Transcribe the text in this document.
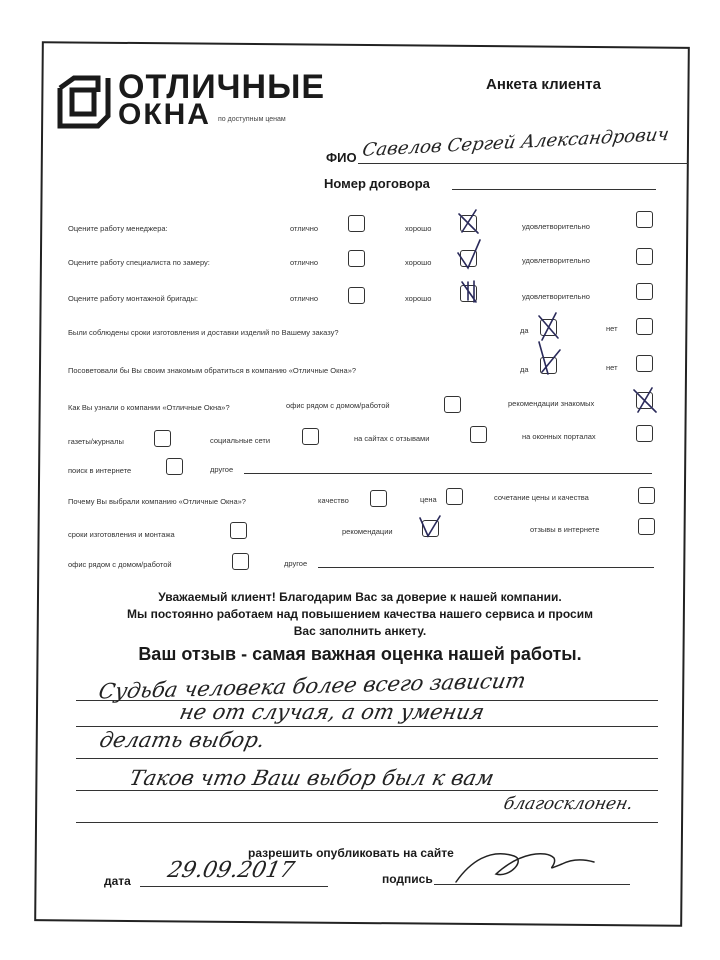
ОТЛИЧНЫЕ
ОКНА по доступным ценам
Анкета клиента
ФИО Савелов Сергей Александрович
Номер договора
Оцените работу менеджера:	отлично	хорошо	удовлетворительно
Оцените работу специалиста по замеру:	отлично	хорошо	удовлетворительно
Оцените работу монтажной бригады:	отлично	хорошо	удовлетворительно
Были соблюдены сроки изготовления и доставки изделий по Вашему заказу?	да	нет
Посоветовали бы Вы своим знакомым обратиться в компанию «Отличные Окна»?	да	нет
Как Вы узнали о компании «Отличные Окна»?	офис рядом с домом/работой	рекомендации знакомых
газеты/журналы	социальные сети	на сайтах с отзывами	на оконных порталах
поиск в интернете	другое
Почему Вы выбрали компанию «Отличные Окна»?	качество	цена	сочетание цены и качества
сроки изготовления и монтажа	рекомендации	отзывы в интернете
офис рядом с домом/работой	другое
Уважаемый клиент! Благодарим Вас за доверие к нашей компании.
Мы постоянно работаем над повышением качества нашего сервиса и просим
Вас заполнить анкету.
Ваш отзыв - самая важная оценка нашей работы.
Судьба человека более всего зависит
не от случая, а от умения
делать выбор.
Таков что Ваш выбор был к вам
благосклонен.
разрешить опубликовать на сайте
дата 29.09.2017	подпись
